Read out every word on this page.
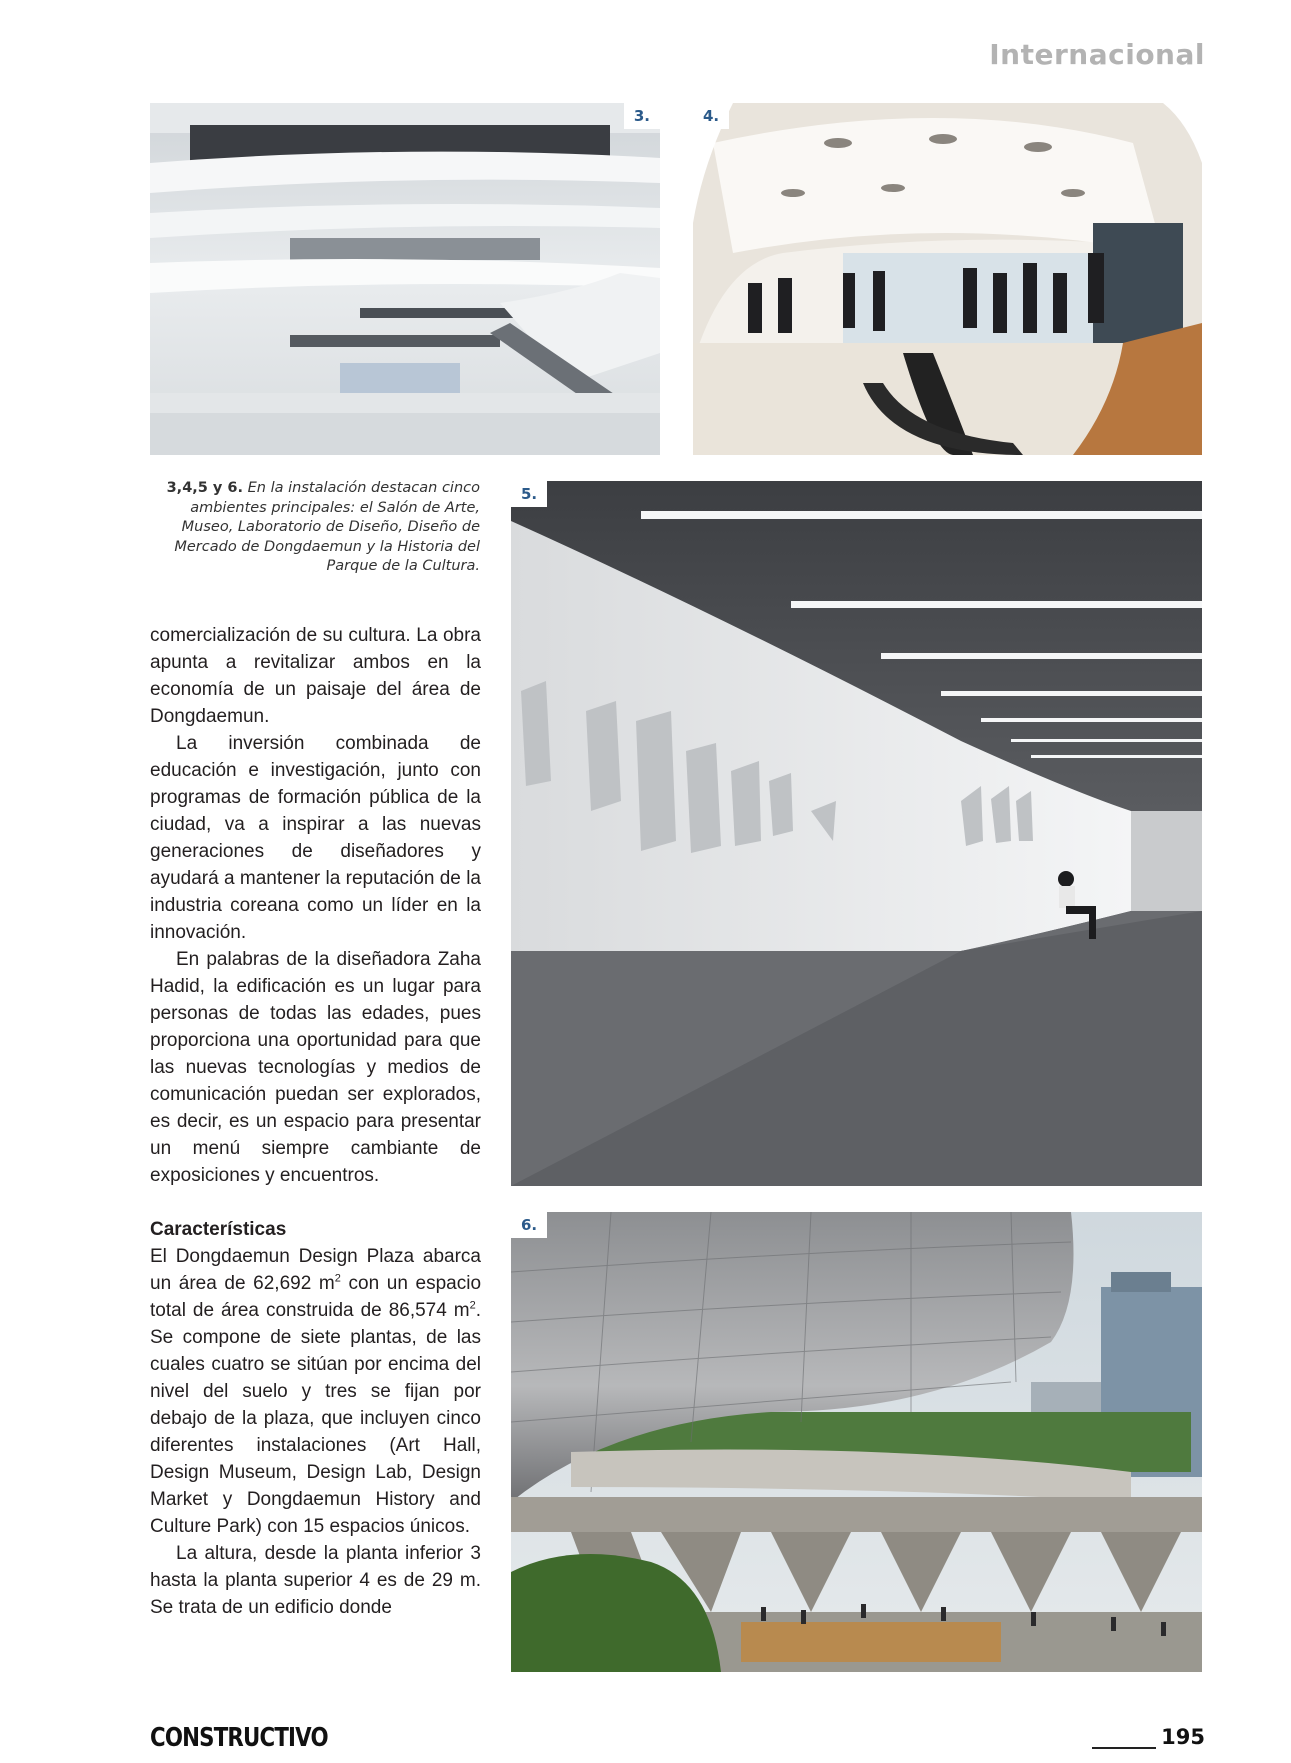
Internacional
3.	4.
3,4,5 y 6. En la instalación destacan cinco ambientes principales: el Salón de Arte, Museo, Laboratorio de Diseño, Diseño de Mercado de Dongdaemun y la Historia del Parque de la Cultura.
5.

comercialización de su cultura. La obra apunta a revitalizar ambos en la economía de un paisaje del área de Dongdaemun.

La inversión combinada de educación e investigación, junto con programas de formación pública de la ciudad, va a inspirar a las nuevas generaciones de diseñadores y ayudará a mantener la reputación de la industria coreana como un líder en la innovación.

En palabras de la diseñadora Zaha Hadid, la edificación es un lugar para personas de todas las edades, pues proporciona una oportunidad para que las nuevas tecnologías y medios de comunicación puedan ser explorados, es decir, es un espacio para presentar un menú siempre cambiante de exposiciones y encuentros.

Características

El Dongdaemun Design Plaza abarca un área de 62,692 $m^2$ con un espacio total de área construida de 86,574 $m^2$. Se compone de siete plantas, de las cuales cuatro se sitúan por encima del nivel del suelo y tres se fijan por debajo de la plaza, que incluyen cinco diferentes instalaciones (Art Hall, Design Museum, Design Lab, Design Market y Dongdaemun History and Culture Park) con 15 espacios únicos.

La altura, desde la planta inferior 3 hasta la planta superior 4 es de 29 m. Se trata de un edificio donde

6.
CONSTRUCTIVO	195
